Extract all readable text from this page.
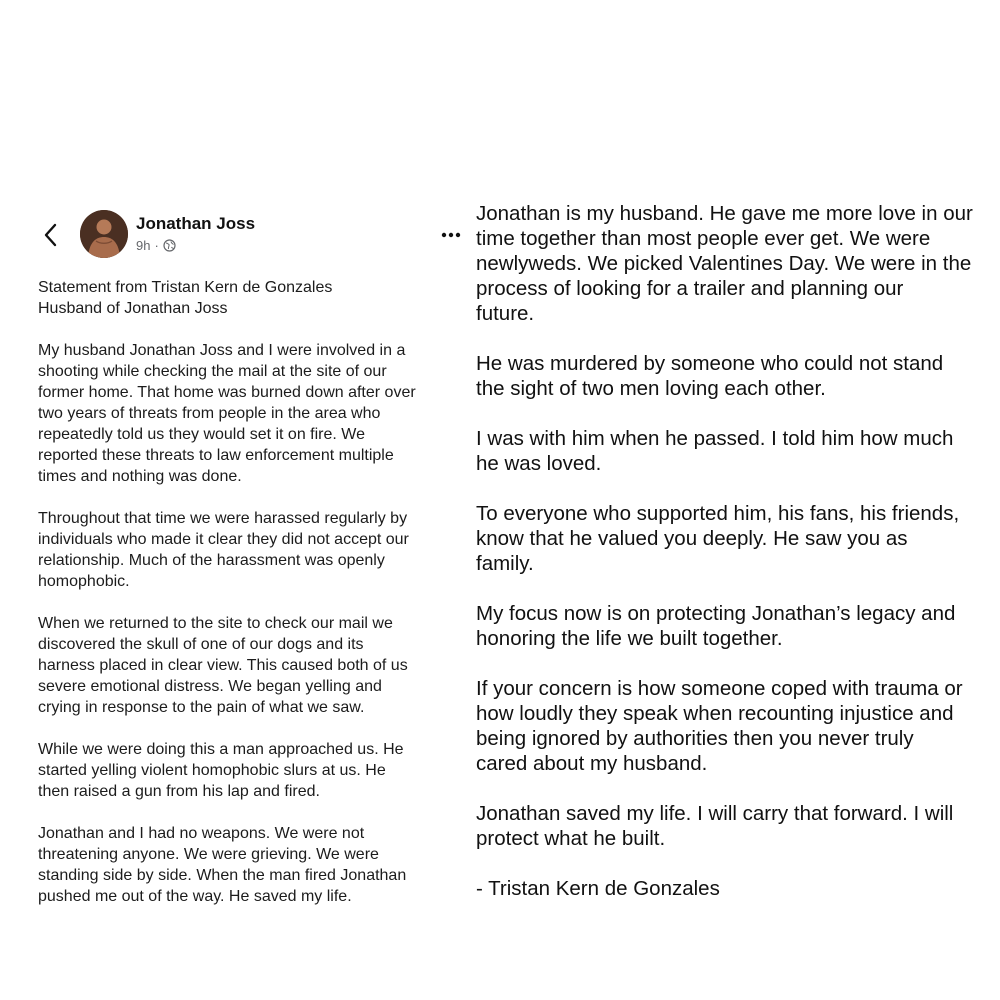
Jonathan Joss
9h ·

Statement from Tristan Kern de Gonzales
Husband of Jonathan Joss

My husband Jonathan Joss and I were involved in a
shooting while checking the mail at the site of our
former home. That home was burned down after over
two years of threats from people in the area who
repeatedly told us they would set it on fire. We
reported these threats to law enforcement multiple
times and nothing was done.

Throughout that time we were harassed regularly by
individuals who made it clear they did not accept our
relationship. Much of the harassment was openly
homophobic.

When we returned to the site to check our mail we
discovered the skull of one of our dogs and its
harness placed in clear view. This caused both of us
severe emotional distress. We began yelling and
crying in response to the pain of what we saw.

While we were doing this a man approached us. He
started yelling violent homophobic slurs at us. He
then raised a gun from his lap and fired.

Jonathan and I had no weapons. We were not
threatening anyone. We were grieving. We were
standing side by side. When the man fired Jonathan
pushed me out of the way. He saved my life.

Jonathan is my husband. He gave me more love in our
time together than most people ever get. We were
newlyweds. We picked Valentines Day. We were in the
process of looking for a trailer and planning our
future.

He was murdered by someone who could not stand
the sight of two men loving each other.

I was with him when he passed. I told him how much
he was loved.

To everyone who supported him, his fans, his friends,
know that he valued you deeply. He saw you as
family.

My focus now is on protecting Jonathan’s legacy and
honoring the life we built together.

If your concern is how someone coped with trauma or
how loudly they speak when recounting injustice and
being ignored by authorities then you never truly
cared about my husband.

Jonathan saved my life. I will carry that forward. I will
protect what he built.

- Tristan Kern de Gonzales
